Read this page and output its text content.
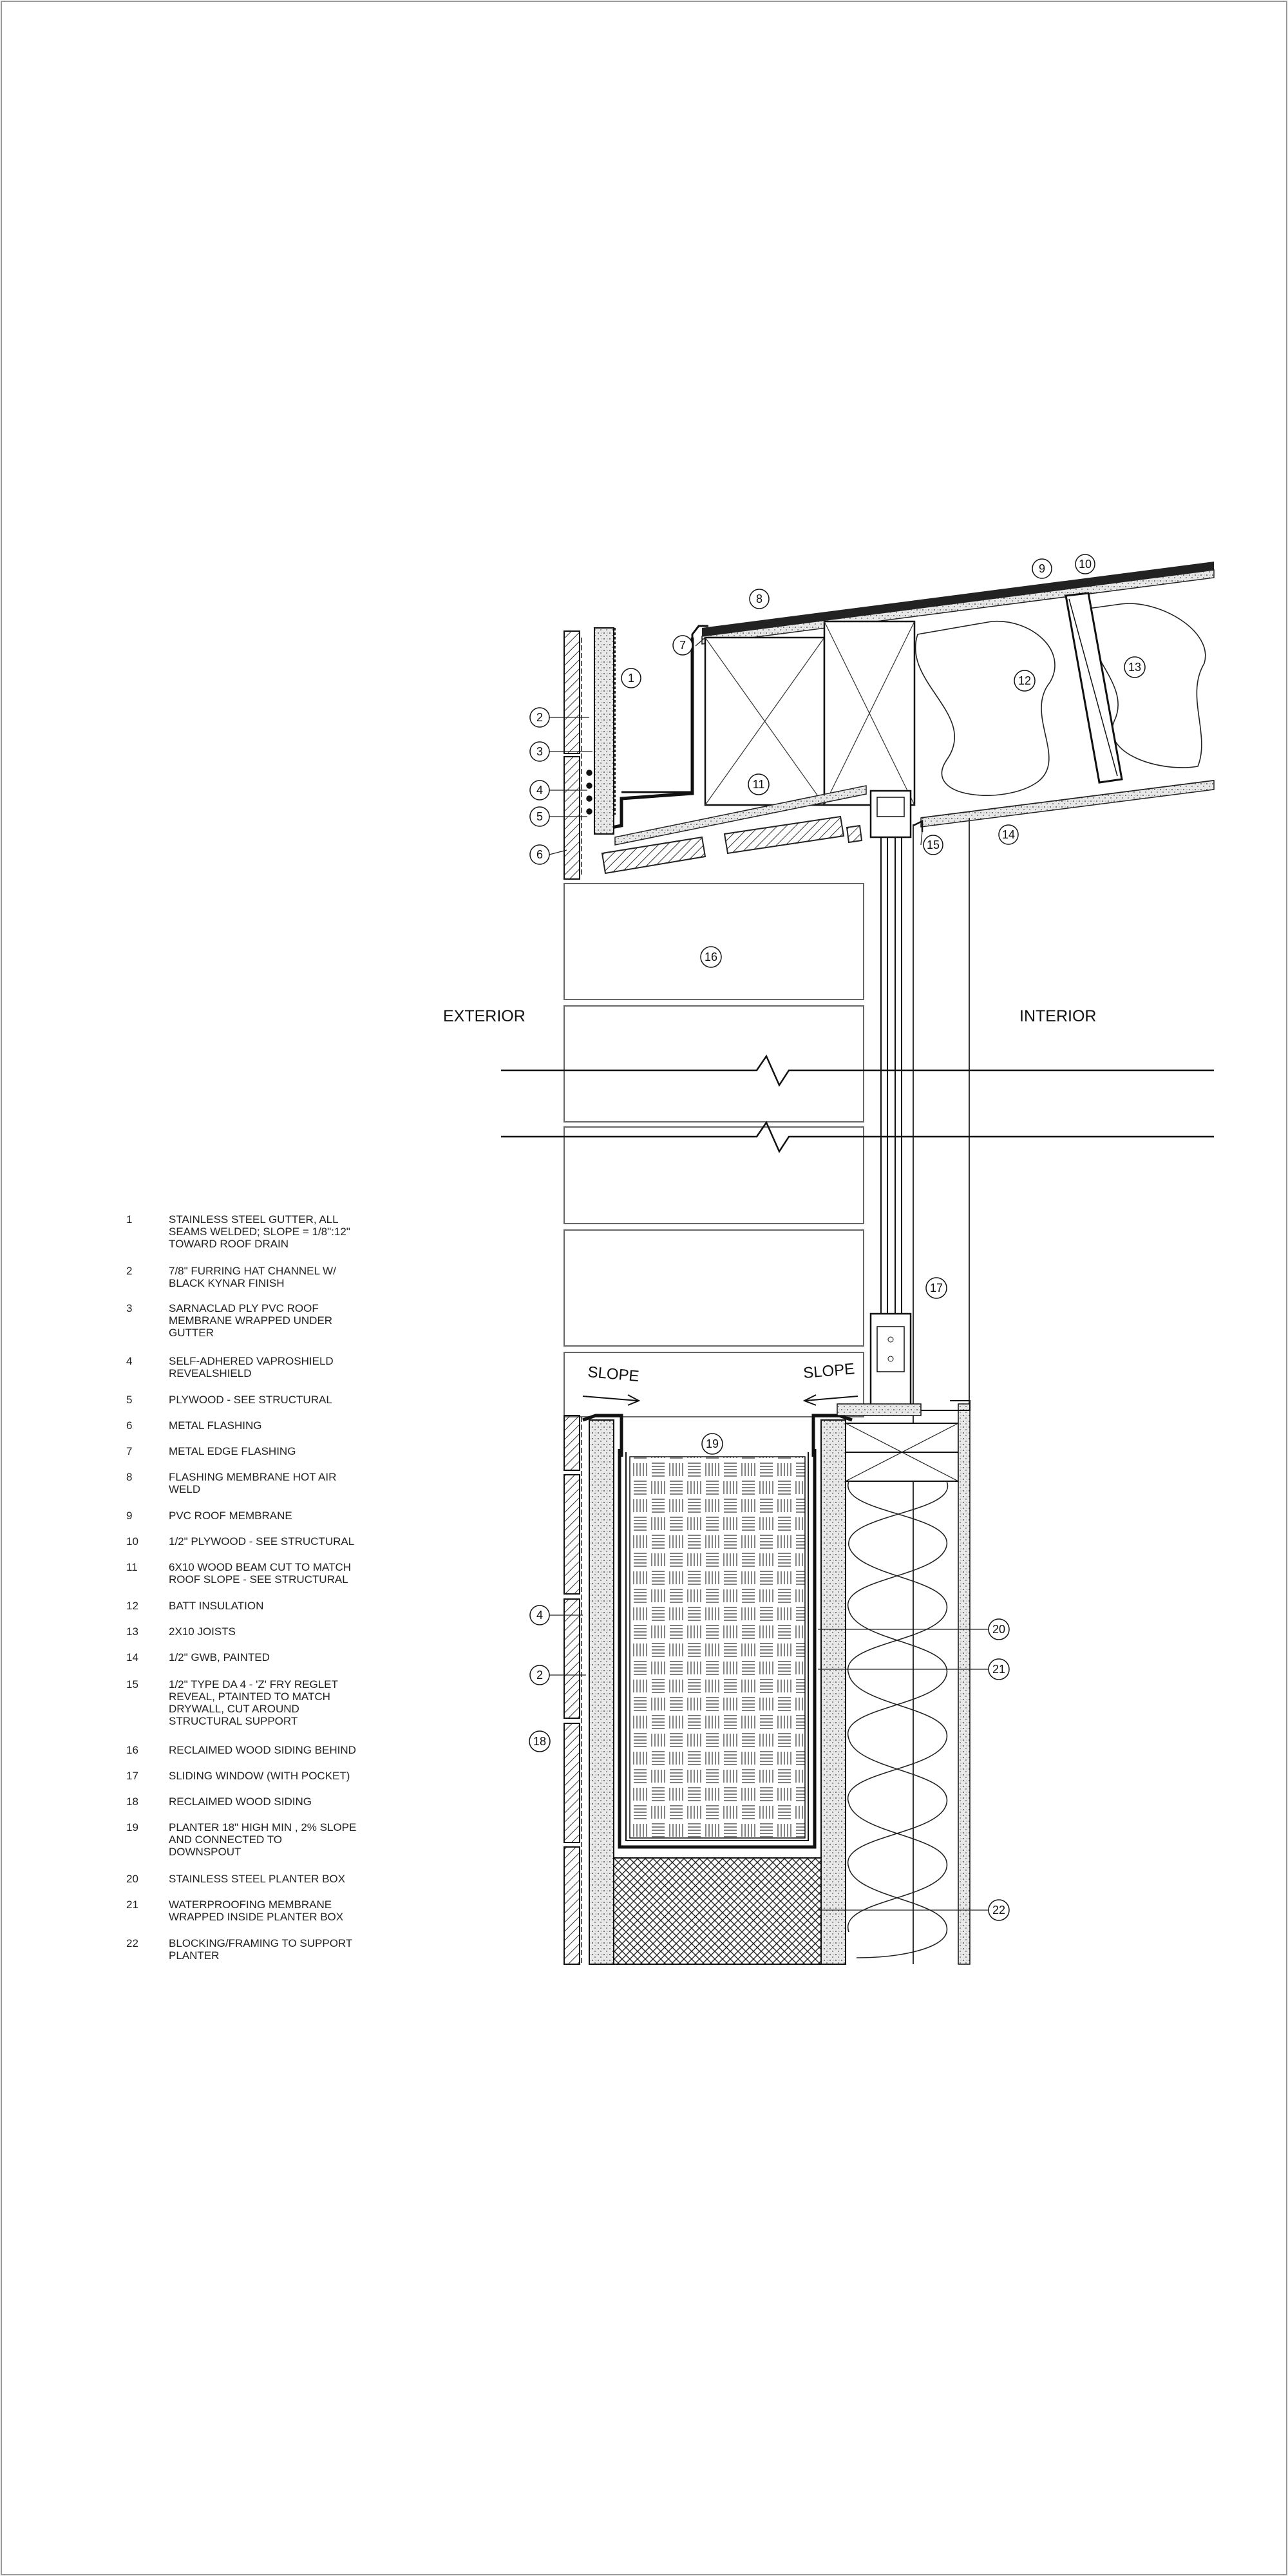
EXTERIOR	INTERIOR
SLOPE	SLOPE
1
2
3
4
5
6
7
8
9	10
11
12
13
14
15
16
17
4
2
18
19
20
21
22
1	STAINLESS STEEL GUTTER, ALL
SEAMS WELDED; SLOPE = 1/8":12"
TOWARD ROOF DRAIN
2	7/8" FURRING HAT CHANNEL W/
BLACK KYNAR FINISH
3	SARNACLAD PLY PVC ROOF
MEMBRANE WRAPPED UNDER
GUTTER
4	SELF-ADHERED VAPROSHIELD
REVEALSHIELD
5	PLYWOOD - SEE STRUCTURAL
6	METAL FLASHING
7	METAL EDGE FLASHING
8	FLASHING MEMBRANE HOT AIR
WELD
9	PVC ROOF MEMBRANE
10	1/2" PLYWOOD - SEE STRUCTURAL
11	6X10 WOOD BEAM CUT TO MATCH
ROOF SLOPE - SEE STRUCTURAL
12	BATT INSULATION
13	2X10 JOISTS
14	1/2" GWB, PAINTED
15	1/2" TYPE DA 4 - 'Z' FRY REGLET
REVEAL, PTAINTED TO MATCH
DRYWALL, CUT AROUND
STRUCTURAL SUPPORT
16	RECLAIMED WOOD SIDING BEHIND
17	SLIDING WINDOW (WITH POCKET)
18	RECLAIMED WOOD SIDING
19	PLANTER 18" HIGH MIN , 2% SLOPE
AND CONNECTED TO
DOWNSPOUT
20	STAINLESS STEEL PLANTER BOX
21	WATERPROOFING MEMBRANE
WRAPPED INSIDE PLANTER BOX
22	BLOCKING/FRAMING TO SUPPORT
PLANTER
